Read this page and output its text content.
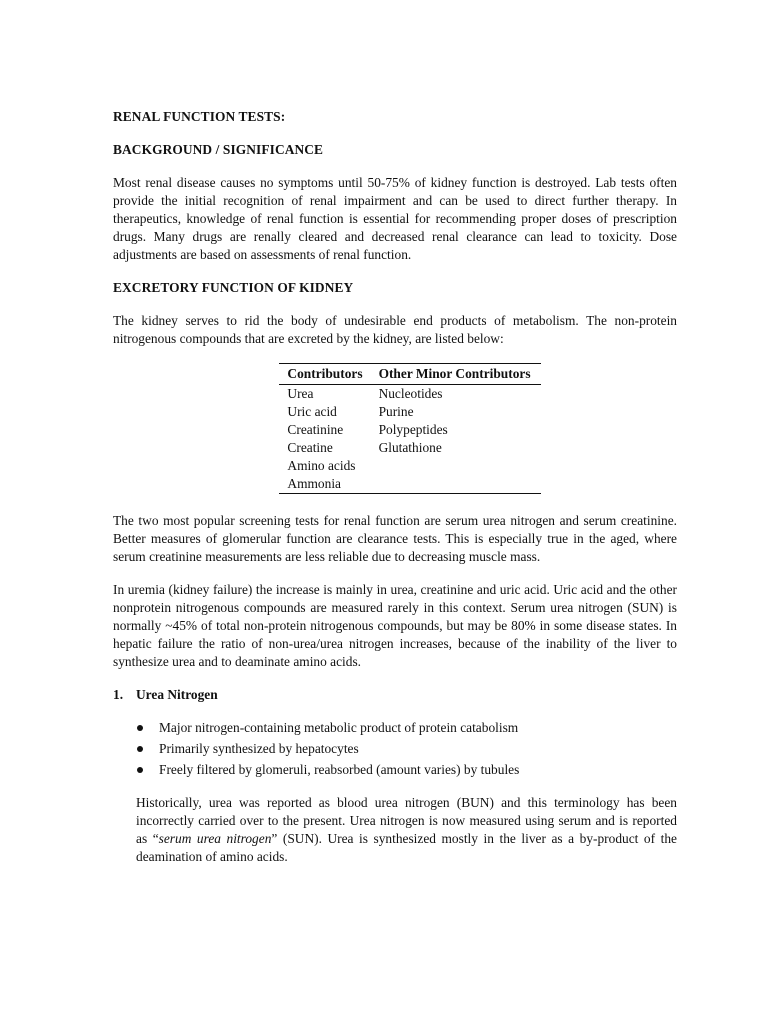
RENAL FUNCTION TESTS:

BACKGROUND / SIGNIFICANCE

Most renal disease causes no symptoms until 50-75% of kidney function is destroyed. Lab tests often provide the initial recognition of renal impairment and can be used to direct further therapy. In therapeutics, knowledge of renal function is essential for recommending proper doses of prescription drugs. Many drugs are renally cleared and decreased renal clearance can lead to toxicity. Dose adjustments are based on assessments of renal function.

EXCRETORY FUNCTION OF KIDNEY

The kidney serves to rid the body of undesirable end products of metabolism. The non-protein nitrogenous compounds that are excreted by the kidney, are listed below:

Contributors	Other Minor Contributors
Urea	Nucleotides
Uric acid	Purine
Creatinine	Polypeptides
Creatine	Glutathione
Amino acids	
Ammonia	

The two most popular screening tests for renal function are serum urea nitrogen and serum creatinine. Better measures of glomerular function are clearance tests. This is especially true in the aged, where serum creatinine measurements are less reliable due to decreasing muscle mass.

In uremia (kidney failure) the increase is mainly in urea, creatinine and uric acid. Uric acid and the other nonprotein nitrogenous compounds are measured rarely in this context. Serum urea nitrogen (SUN) is normally ~45% of total non-protein nitrogenous compounds, but may be 80% in some disease states. In hepatic failure the ratio of non-urea/urea nitrogen increases, because of the inability of the liver to synthesize urea and to deaminate amino acids.

1. Urea Nitrogen
Major nitrogen-containing metabolic product of protein catabolism
Primarily synthesized by hepatocytes
Freely filtered by glomeruli, reabsorbed (amount varies) by tubules

Historically, urea was reported as blood urea nitrogen (BUN) and this terminology has been incorrectly carried over to the present. Urea nitrogen is now measured using serum and is reported as “serum urea nitrogen” (SUN). Urea is synthesized mostly in the liver as a by-product of the deamination of amino acids.
